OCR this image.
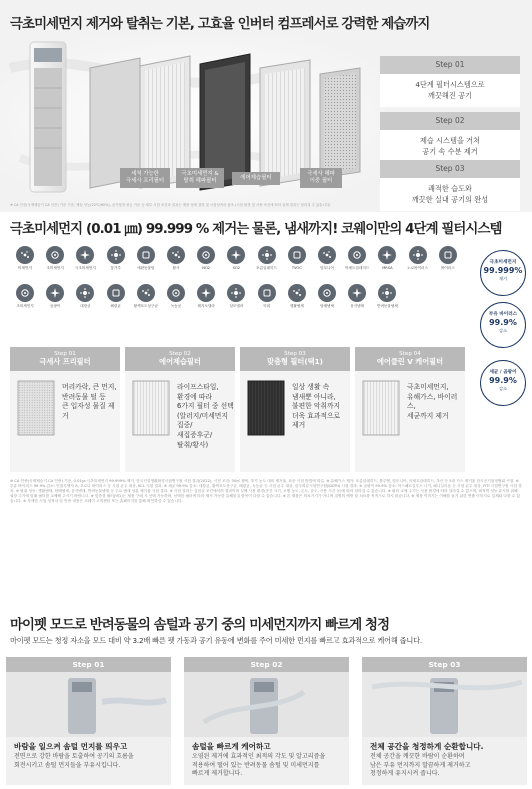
극초미세먼지 제거와 탈취는 기본, 고효율 인버터 컴프레서로 강력한 제습까지
세척 가능한
극세사 프리필터
극초미세먼지 &
탈취 헤파필터
에어제습필터
극세사 헤파
이중 필터
Step 01
4단계 필터시스템으로
깨끗해진 공기
Step 02
제습 시스템을 거쳐
공기 속 수분 제거
Step 03
쾌적한 습도와
깨끗한 실내 공기의 완성
※ CA 인증(국제제습기 CA 인증) 기준 기준, 제습 성능(22℃/60%), 공기청정 성능 기준 등 세부 시험 조건과 결과는 제품 상세 설명 및 시험성적서 참조 (시험 환경 및 사용 조건에 따라 실제 결과는 달라질 수 있습니다)
극초미세먼지 (0.01 ㎛) 99.999 % 제거는 물론, 냄새까지! 코웨이만의 4단계 필터시스템
미세먼지	초미세먼지	극초미세먼지	꽃가루	애완동물털	황사	NO2	SO2	포름알데히드	TVOC	암모니아	아세트알데히드	MRSA	노로바이러스	바이러스
초미세먼지	곰팡이	대장균	폐렴균	황색포도상구균	녹농균	레지오넬라	살모넬라	악취	생활냄새	담배냄새	음식냄새	반려동물냄새
극초미세먼지
99.999%
제거
부유 바이러스
99.9%
감소
세균 / 곰팡이
99.9%
감소
Step 01
극세사 프리필터
머리카락, 큰 먼지,
반려동물 털 등
큰 입자성 물질 제거
Step 02
에어제습필터
라이프스타일,
환경에 따라
6가지 필터 중 선택
(알러지/미세먼지 집중/
새집증후군/
탈취/황사)
Step 03
맞춤형 필터(택1)
일상 생활 속
냄새뿐 아니라,
불편한 악취까지
더욱 효과적으로
제거
Step 04
에어클린 V 케어필터
극초미세먼지,
유해가스, 바이러스,
세균까지 제거
※ CA 인증(국제제습기 CA 인증) 기준, 0.01㎛ 극초미세먼지 99.999% 제거, 한국건설생활환경시험연구원 시험 결과(2022), 시험 조건: 30㎡ 챔버, 초기 농도 대비 제거율, 표준 시험 방법에 따름. ※ 유해가스 제거: 포름알데히드, 톨루엔, 암모니아, 아세트알데히드, 초산 등 5대 가스 제거율 한국공기청정협회 시험. ※ 부유 바이러스 99.9% 감소: 인플루엔자 A, 코로나 바이러스 등 시험 균주 대상, KCL 시험 결과. ※ 세균 99.9% 감소: 대장균, 황색포도상구균, 폐렴균, 녹농균 등 시험 균주 대상, 한국의류시험연구원(KATRI) 시험 결과. ※ 곰팡이 99.9% 감소: 아스페르길루스 니거, 페니실리움 등 시험 균주 대상, FITI 시험연구원 시험 결과. ※ 탈취 성능: 생활냄새, 담배냄새, 음식냄새, 반려동물냄새 등 주요 냄새 성분 제거율 시험 결과. ※ 시험 결과는 실험실 조건에서의 결과이며 실제 사용 환경(공간 크기, 오염 농도, 온도, 습도, 사용 시간 등)에 따라 달라질 수 있습니다. ※ 필터 교체 주기는 사용 환경에 따라 달라질 수 있으며, 최적의 성능 유지를 위해 권장 주기에 맞춰 필터를 교체해 주시기 바랍니다. ※ 맞춤형 필터(택1)는 제품 구매 시 선택 가능하며, 선택한 필터에 따라 제거 가능한 유해물질 항목이 다를 수 있습니다. ※ 본 제품은 의료기기가 아니며 질병의 예방 및 치료를 목적으로 하지 않습니다. ※ 제품 이미지는 이해를 돕기 위한 연출 이미지로 실제와 다를 수 있습니다. ※ 자세한 시험 성적서 및 인증 내용은 코웨이 고객센터 또는 홈페이지를 통해 확인하실 수 있습니다.
마이펫 모드로 반려동물의 솜털과 공기 중의 미세먼지까지 빠르게 청정
마이펫 모드는 청정 자소을 모드 대비 약 3.2배 빠른 펫 가동과 공기 유동에 변화를 주어 미세한 먼지를 빠르고 효과적으로 케어해 줍니다.
Step 01
바람을 일으켜 솜털 먼지를 띄우고
전면으로 강한 바람을 토출하여 공기의 흐름을
회전시키고 솜털 먼지들을 부유시킵니다.
Step 02
솜털을 빠르게 케어하고
오염된 제거에 효과적인 최적의 각도 및 알고리즘을
적용하여 떨어 있는 반려동물 솜털 및 미세먼지를
빠르게 제거합니다.
Step 03
전체 공간을 청정하게 순환합니다.
전체 공간을 깨끗한 바람이 순환하며
남은 부유 먼지까지 말끔하게 제거하고
청정하게 유지시켜 줍니다.
